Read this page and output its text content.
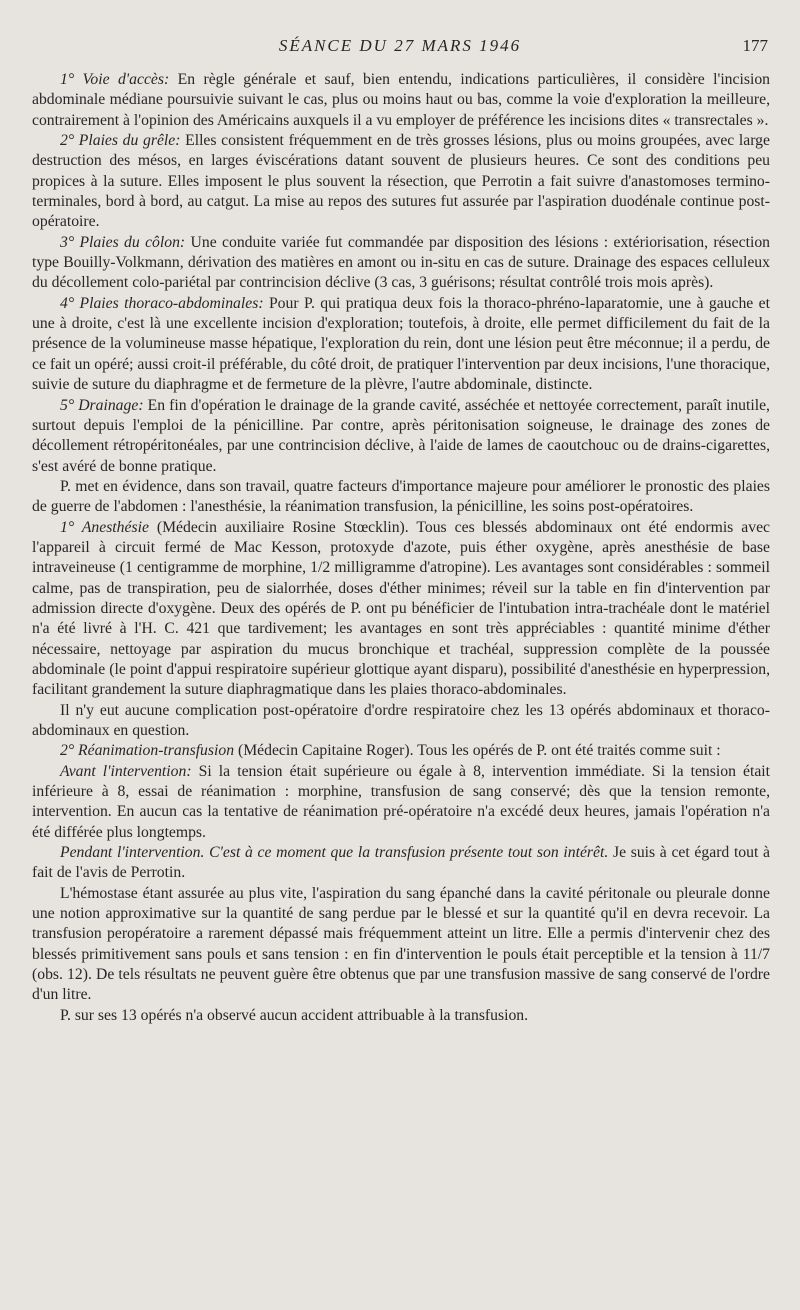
SÉANCE DU 27 MARS 1946	177

1° Voie d'accès: En règle générale et sauf, bien entendu, indications particulières, il considère l'incision abdominale médiane poursuivie suivant le cas, plus ou moins haut ou bas, comme la voie d'exploration la meilleure, contrairement à l'opinion des Américains auxquels il a vu employer de préférence les incisions dites « transrectales ».

2° Plaies du grêle: Elles consistent fréquemment en de très grosses lésions, plus ou moins groupées, avec large destruction des mésos, en larges éviscérations datant souvent de plusieurs heures. Ce sont des conditions peu propices à la suture. Elles imposent le plus souvent la résection, que Perrotin a fait suivre d'anastomoses termino-terminales, bord à bord, au catgut. La mise au repos des sutures fut assurée par l'aspiration duodénale continue post-opératoire.

3° Plaies du côlon: Une conduite variée fut commandée par disposition des lésions : extériorisation, résection type Bouilly-Volkmann, dérivation des matières en amont ou in-situ en cas de suture. Drainage des espaces celluleux du décollement colo-pariétal par contrincision déclive (3 cas, 3 guérisons; résultat contrôlé trois mois après).

4° Plaies thoraco-abdominales: Pour P. qui pratiqua deux fois la thoraco-phréno-laparatomie, une à gauche et une à droite, c'est là une excellente incision d'exploration; toutefois, à droite, elle permet difficilement du fait de la présence de la volumineuse masse hépatique, l'exploration du rein, dont une lésion peut être méconnue; il a perdu, de ce fait un opéré; aussi croit-il préférable, du côté droit, de pratiquer l'intervention par deux incisions, l'une thoracique, suivie de suture du diaphragme et de fermeture de la plèvre, l'autre abdominale, distincte.

5° Drainage: En fin d'opération le drainage de la grande cavité, asséchée et nettoyée correctement, paraît inutile, surtout depuis l'emploi de la pénicilline. Par contre, après péritonisation soigneuse, le drainage des zones de décollement rétropéritonéales, par une contrincision déclive, à l'aide de lames de caoutchouc ou de drains-cigarettes, s'est avéré de bonne pratique.

P. met en évidence, dans son travail, quatre facteurs d'importance majeure pour améliorer le pronostic des plaies de guerre de l'abdomen : l'anesthésie, la réanimation transfusion, la pénicilline, les soins post-opératoires.

1° Anesthésie (Médecin auxiliaire Rosine Stœcklin). Tous ces blessés abdominaux ont été endormis avec l'appareil à circuit fermé de Mac Kesson, protoxyde d'azote, puis éther oxygène, après anesthésie de base intraveineuse (1 centigramme de morphine, 1/2 milligramme d'atropine). Les avantages sont considérables : sommeil calme, pas de transpiration, peu de sialorrhée, doses d'éther minimes; réveil sur la table en fin d'intervention par admission directe d'oxygène. Deux des opérés de P. ont pu bénéficier de l'intubation intra-trachéale dont le matériel n'a été livré à l'H. C. 421 que tardivement; les avantages en sont très appréciables : quantité minime d'éther nécessaire, nettoyage par aspiration du mucus bronchique et trachéal, suppression complète de la poussée abdominale (le point d'appui respiratoire supérieur glottique ayant disparu), possibilité d'anesthésie en hyperpression, facilitant grandement la suture diaphragmatique dans les plaies thoraco-abdominales.

Il n'y eut aucune complication post-opératoire d'ordre respiratoire chez les 13 opérés abdominaux et thoraco-abdominaux en question.

2° Réanimation-transfusion (Médecin Capitaine Roger). Tous les opérés de P. ont été traités comme suit :

Avant l'intervention: Si la tension était supérieure ou égale à 8, intervention immédiate. Si la tension était inférieure à 8, essai de réanimation : morphine, transfusion de sang conservé; dès que la tension remonte, intervention. En aucun cas la tentative de réanimation pré-opératoire n'a excédé deux heures, jamais l'opération n'a été différée plus longtemps.

Pendant l'intervention. C'est à ce moment que la transfusion présente tout son intérêt. Je suis à cet égard tout à fait de l'avis de Perrotin.

L'hémostase étant assurée au plus vite, l'aspiration du sang épanché dans la cavité péritonale ou pleurale donne une notion approximative sur la quantité de sang perdue par le blessé et sur la quantité qu'il en devra recevoir. La transfusion peropératoire a rarement dépassé mais fréquemment atteint un litre. Elle a permis d'intervenir chez des blessés primitivement sans pouls et sans tension : en fin d'intervention le pouls était perceptible et la tension à 11/7 (obs. 12). De tels résultats ne peuvent guère être obtenus que par une transfusion massive de sang conservé de l'ordre d'un litre.

P. sur ses 13 opérés n'a observé aucun accident attribuable à la transfusion.
